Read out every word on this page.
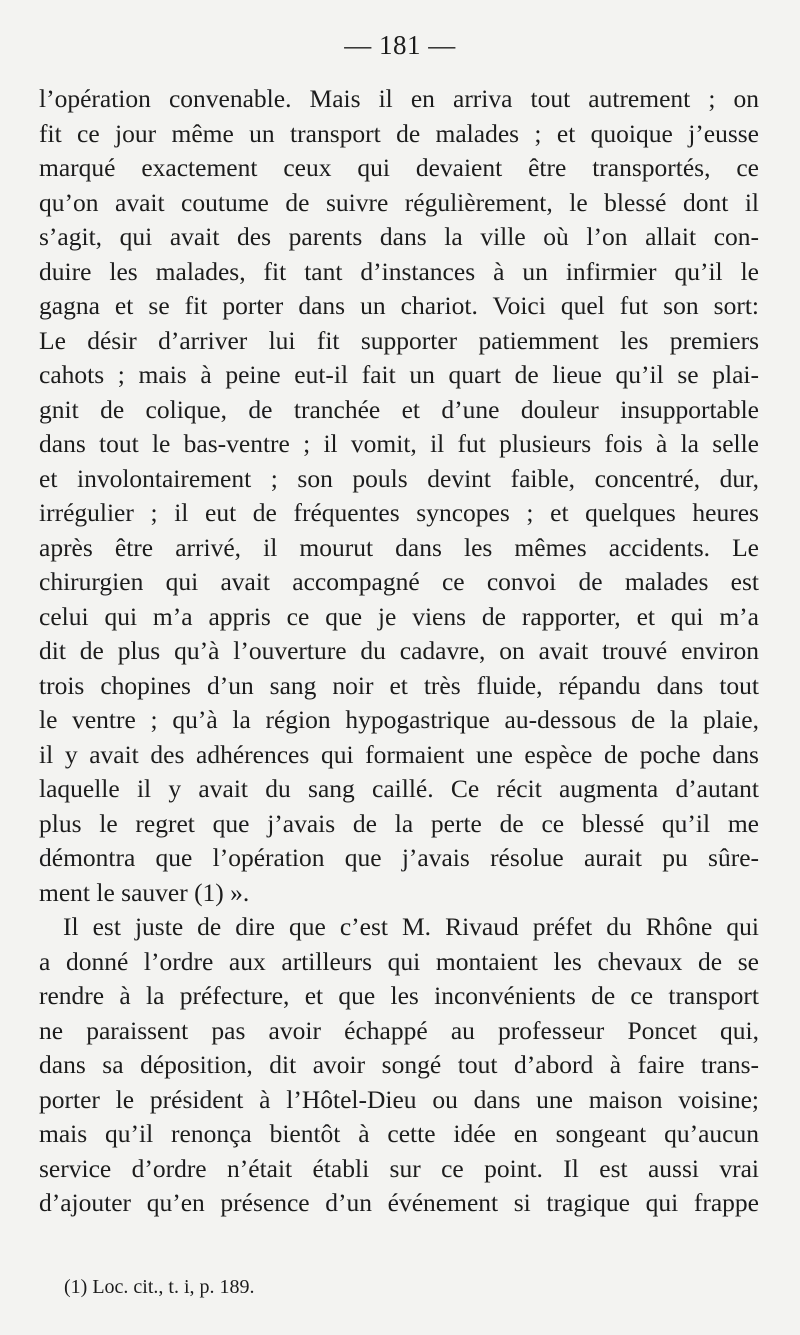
— 181 —
l’opération convenable. Mais il en arriva tout autrement ; on
fit ce jour même un transport de malades ; et quoique j’eusse
marqué exactement ceux qui devaient être transportés, ce
qu’on avait coutume de suivre régulièrement, le blessé dont il
s’agit, qui avait des parents dans la ville où l’on allait con-
duire les malades, fit tant d’instances à un infirmier qu’il le
gagna et se fit porter dans un chariot. Voici quel fut son sort:
Le désir d’arriver lui fit supporter patiemment les premiers
cahots ; mais à peine eut-il fait un quart de lieue qu’il se plai-
gnit de colique, de tranchée et d’une douleur insupportable
dans tout le bas-ventre ; il vomit, il fut plusieurs fois à la selle
et involontairement ; son pouls devint faible, concentré, dur,
irrégulier ; il eut de fréquentes syncopes ; et quelques heures
après être arrivé, il mourut dans les mêmes accidents. Le
chirurgien qui avait accompagné ce convoi de malades est
celui qui m’a appris ce que je viens de rapporter, et qui m’a
dit de plus qu’à l’ouverture du cadavre, on avait trouvé environ
trois chopines d’un sang noir et très fluide, répandu dans tout
le ventre ; qu’à la région hypogastrique au-dessous de la plaie,
il y avait des adhérences qui formaient une espèce de poche dans
laquelle il y avait du sang caillé. Ce récit augmenta d’autant
plus le regret que j’avais de la perte de ce blessé qu’il me
démontra que l’opération que j’avais résolue aurait pu sûre-
ment le sauver (1) ».
Il est juste de dire que c’est M. Rivaud préfet du Rhône qui
a donné l’ordre aux artilleurs qui montaient les chevaux de se
rendre à la préfecture, et que les inconvénients de ce transport
ne paraissent pas avoir échappé au professeur Poncet qui,
dans sa déposition, dit avoir songé tout d’abord à faire trans-
porter le président à l’Hôtel-Dieu ou dans une maison voisine;
mais qu’il renonça bientôt à cette idée en songeant qu’aucun
service d’ordre n’était établi sur ce point. Il est aussi vrai
d’ajouter qu’en présence d’un événement si tragique qui frappe
(1) Loc. cit., t. i, p. 189.
